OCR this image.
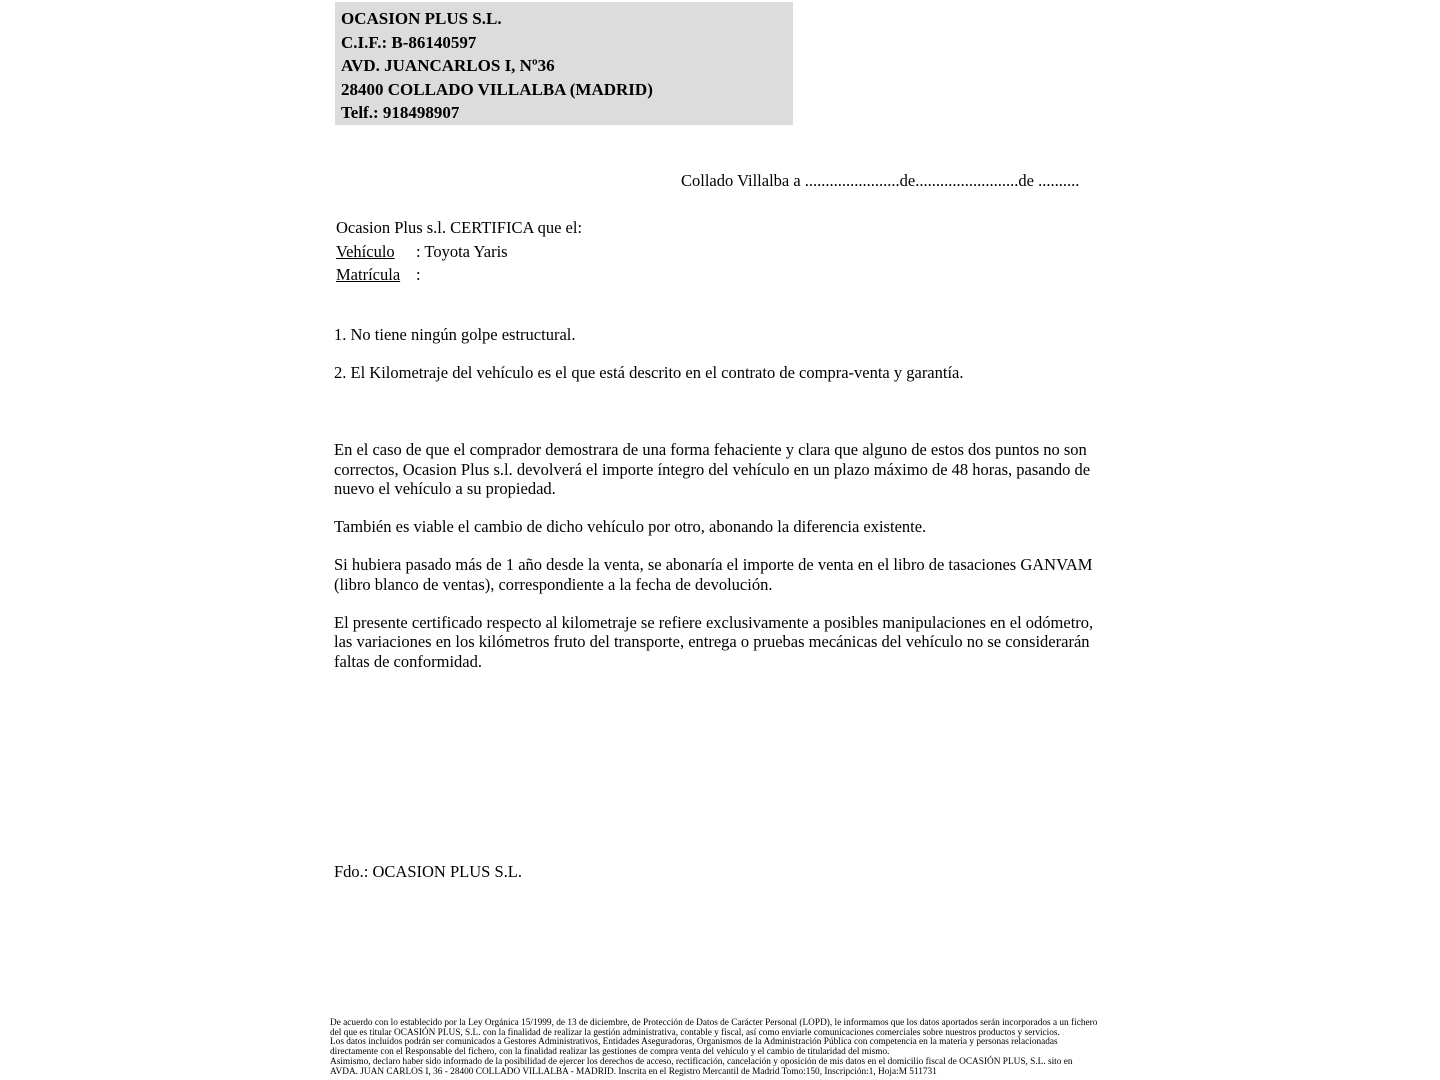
OCASION PLUS S.L.
C.I.F.: B-86140597
AVD. JUANCARLOS I, Nº36
28400 COLLADO VILLALBA (MADRID)
Telf.: 918498907
Collado Villalba a .......................de.........................de ..........
Ocasion Plus s.l. CERTIFICA que el:
Vehículo : Toyota Yaris
Matrícula :
1. No tiene ningún golpe estructural.
2. El Kilometraje del vehículo es el que está descrito en el contrato de compra-venta y garantía.

En el caso de que el comprador demostrara de una forma fehaciente y clara que alguno de estos dos puntos no son correctos, Ocasion Plus s.l. devolverá el importe íntegro del vehículo en un plazo máximo de 48 horas, pasando de nuevo el vehículo a su propiedad.

También es viable el cambio de dicho vehículo por otro, abonando la diferencia existente.

Si hubiera pasado más de 1 año desde la venta, se abonaría el importe de venta en el libro de tasaciones GANVAM (libro blanco de ventas), correspondiente a la fecha de devolución.

El presente certificado respecto al kilometraje se refiere exclusivamente a posibles manipulaciones en el odómetro, las variaciones en los kilómetros fruto del transporte, entrega o pruebas mecánicas del vehículo no se considerarán faltas de conformidad.

Fdo.: OCASION PLUS S.L.

De acuerdo con lo establecido por la Ley Orgánica 15/1999, de 13 de diciembre, de Protección de Datos de Carácter Personal (LOPD), le informamos que los datos aportados serán incorporados a un fichero del que es titular OCASIÓN PLUS, S.L. con la finalidad de realizar la gestión administrativa, contable y fiscal, así como enviarle comunicaciones comerciales sobre nuestros productos y servicios.

Los datos incluidos podrán ser comunicados a Gestores Administrativos, Entidades Aseguradoras, Organismos de la Administración Pública con competencia en la materia y personas relacionadas directamente con el Responsable del fichero, con la finalidad realizar las gestiones de compra venta del vehículo y el cambio de titularidad del mismo.

Asimismo, declaro haber sido informado de la posibilidad de ejercer los derechos de acceso, rectificación, cancelación y oposición de mis datos en el domicilio fiscal de OCASIÓN PLUS, S.L. sito en AVDA. JUAN CARLOS I, 36 - 28400 COLLADO VILLALBA - MADRID. Inscrita en el Registro Mercantil de Madrid Tomo:150, Inscripción:1, Hoja:M 511731
